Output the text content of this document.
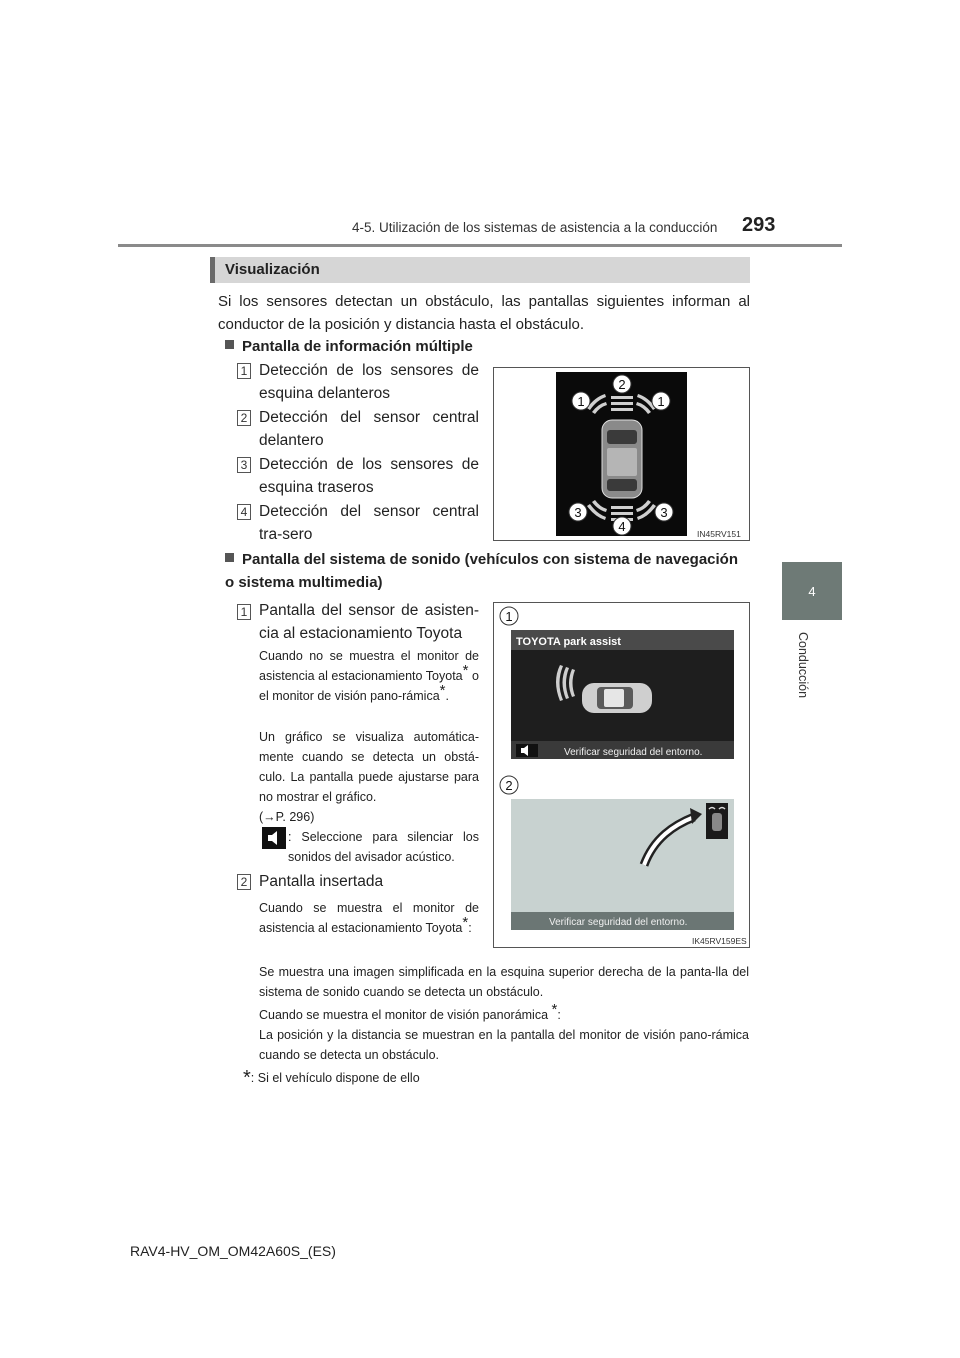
4-5. Utilización de los sistemas de asistencia a la conducción 293
4
Conducción
Visualización
Si los sensores detectan un obstáculo, las pantallas siguientes informan al conductor de la posición y distancia hasta el obstáculo.
Pantalla de información múltiple
1 Detección de los sensores de esquina delanteros
2 Detección del sensor central delantero
3 Detección de los sensores de esquina traseros
4 Detección del sensor central tra-sero
1
2
1
3
4
3
IN45RV151
Pantalla del sistema de sonido (vehículos con sistema de navegación o sistema multimedia)
1 Pantalla del sensor de asisten-cia al estacionamiento Toyota
Cuando no se muestra el monitor de asistencia al estacionamiento Toyota* o el monitor de visión pano-rámica*.
Un gráfico se visualiza automática-mente cuando se detecta un obstá-culo. La pantalla puede ajustarse para no mostrar el gráfico.
(→P. 296)
: Seleccione para silenciar los sonidos del avisador acústico.
2 Pantalla insertada
Cuando se muestra el monitor de asistencia al estacionamiento Toyota*:
Se muestra una imagen simplificada en la esquina superior derecha de la panta-lla del sistema de sonido cuando se detecta un obstáculo.
Cuando se muestra el monitor de visión panorámica *:
La posición y la distancia se muestran en la pantalla del monitor de visión pano-rámica cuando se detecta un obstáculo.
1
TOYOTA park assist
Verificar seguridad del entorno.
2
Verificar seguridad del entorno.
IK45RV159ES
*: Si el vehículo dispone de ello
RAV4-HV_OM_OM42A60S_(ES)
